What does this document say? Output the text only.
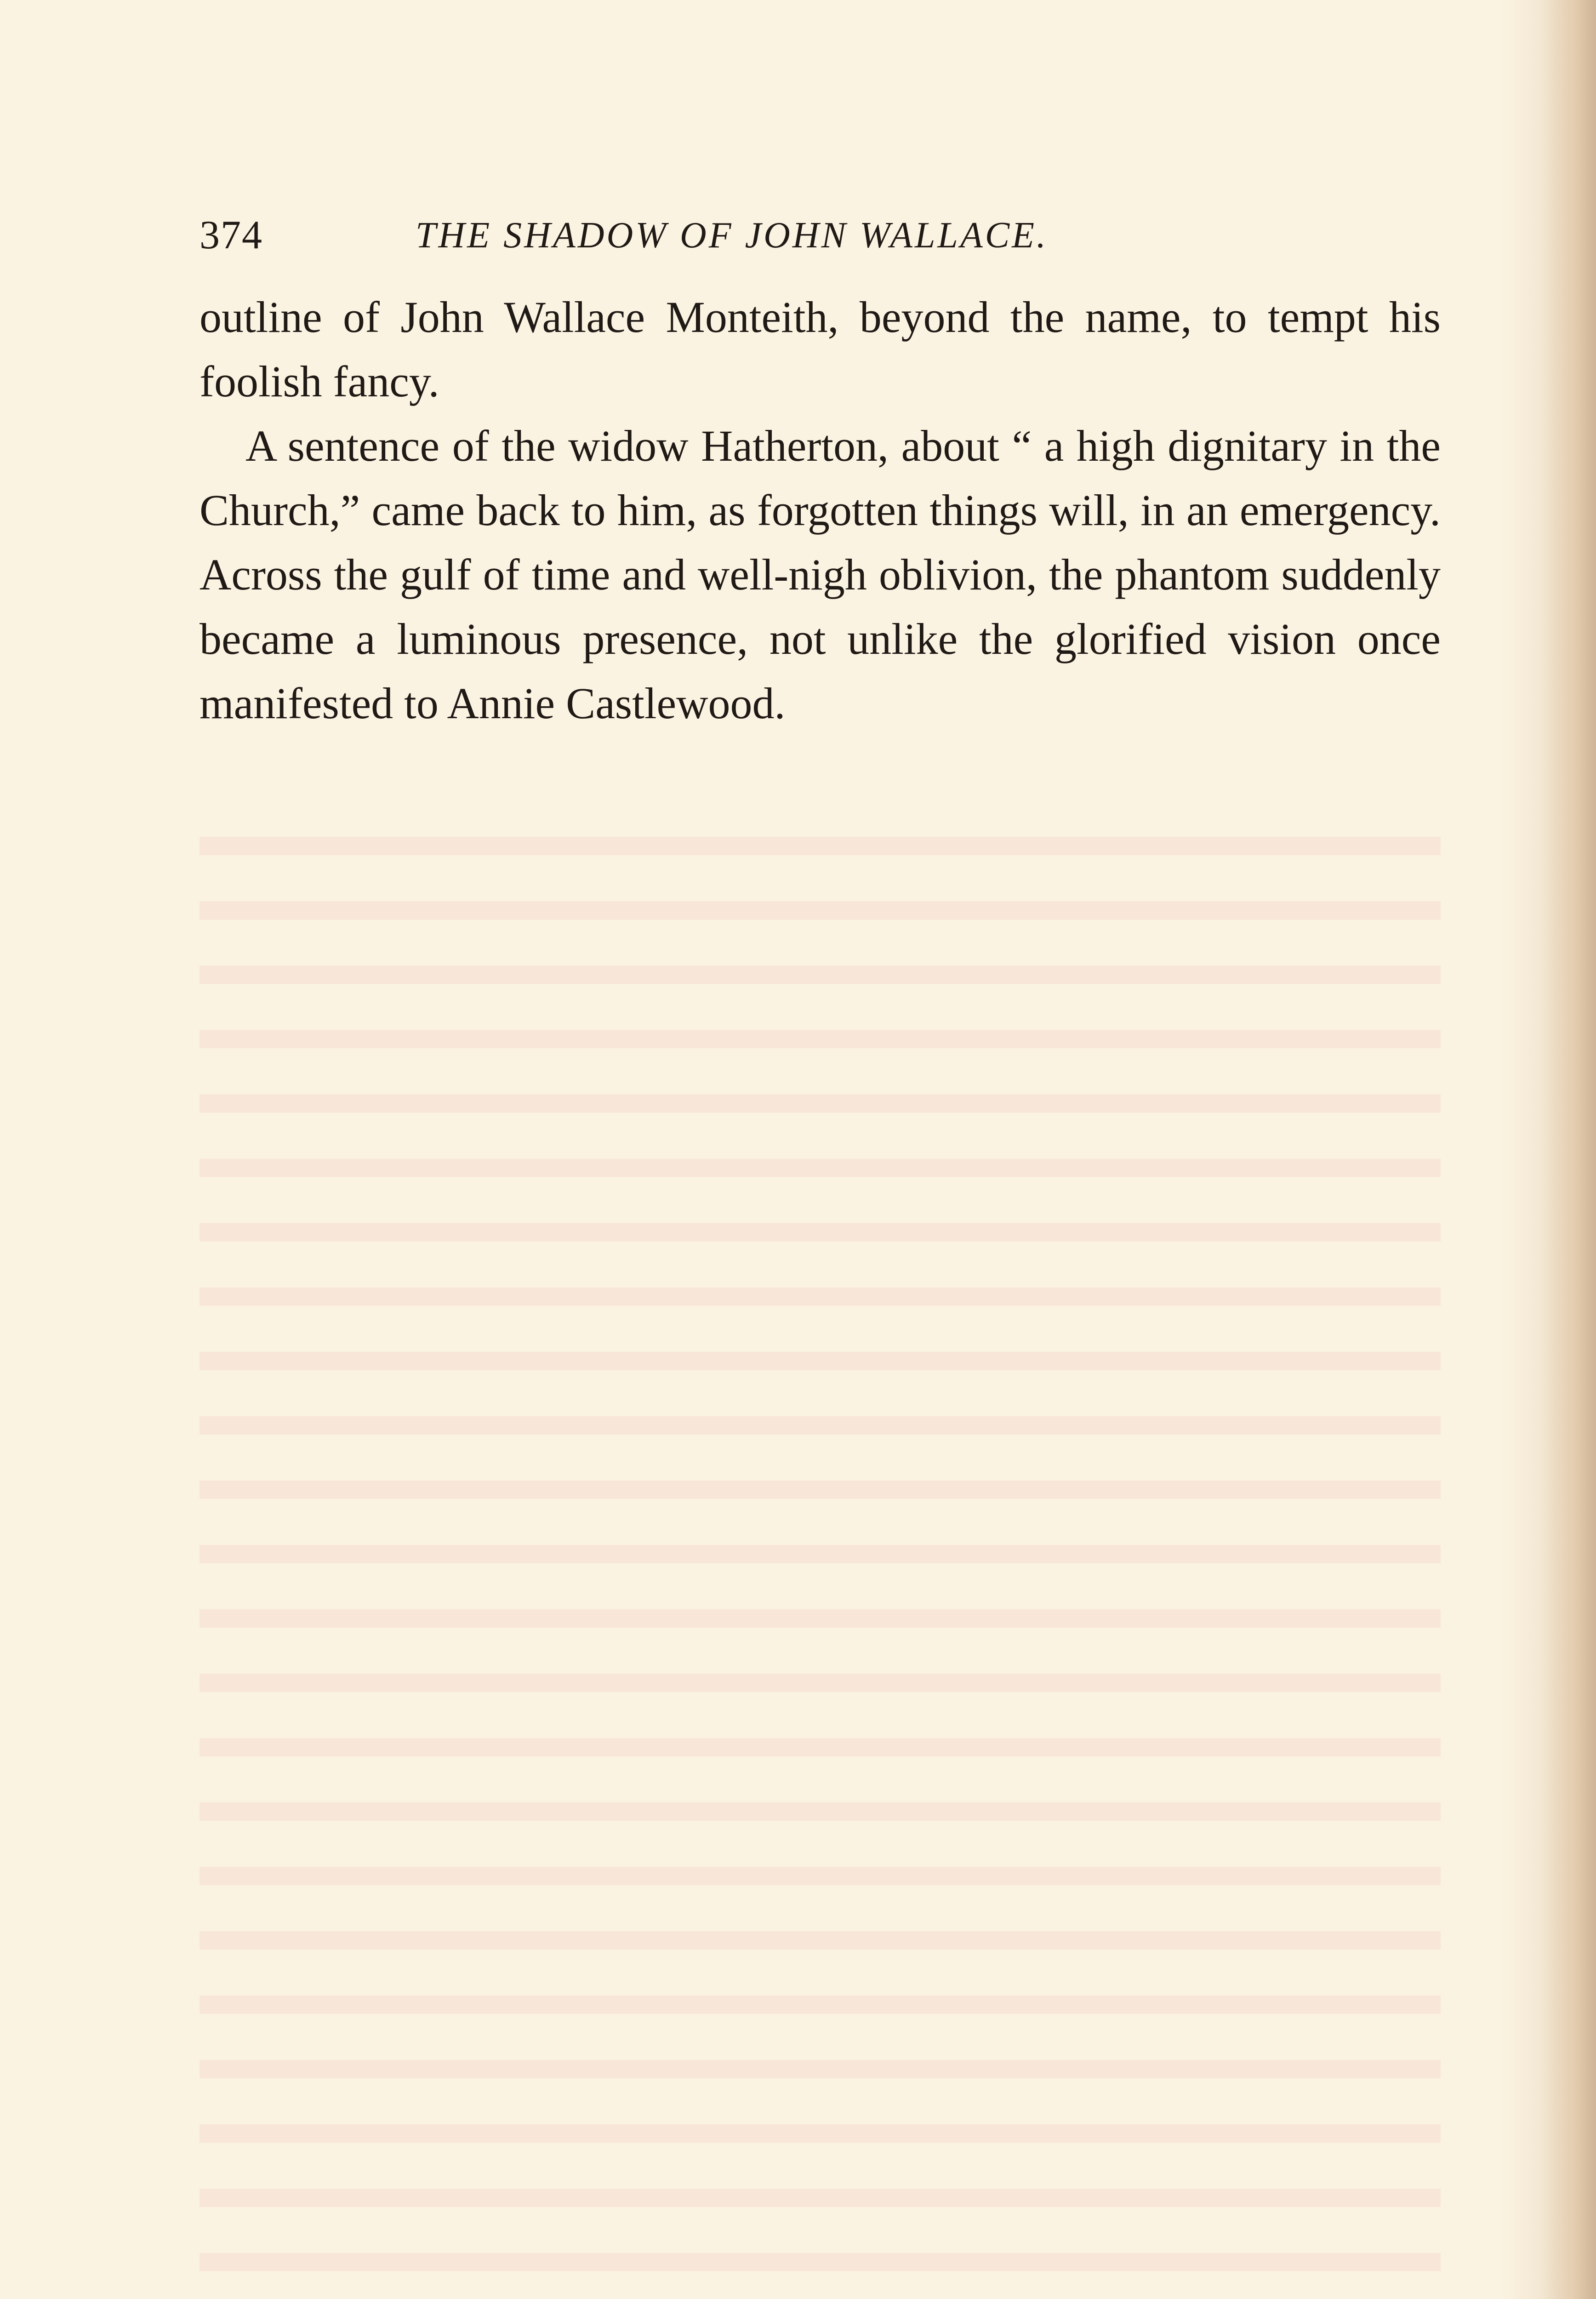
374	THE SHADOW OF JOHN WALLACE.

outline of John Wallace Monteith, beyond the name, to tempt his foolish fancy.

A sentence of the widow Hatherton, about “ a high dignitary in the Church,” came back to him, as forgotten things will, in an emergency. Across the gulf of time and well-nigh oblivion, the phantom suddenly became a luminous presence, not unlike the glorified vision once manifested to Annie Castlewood.
